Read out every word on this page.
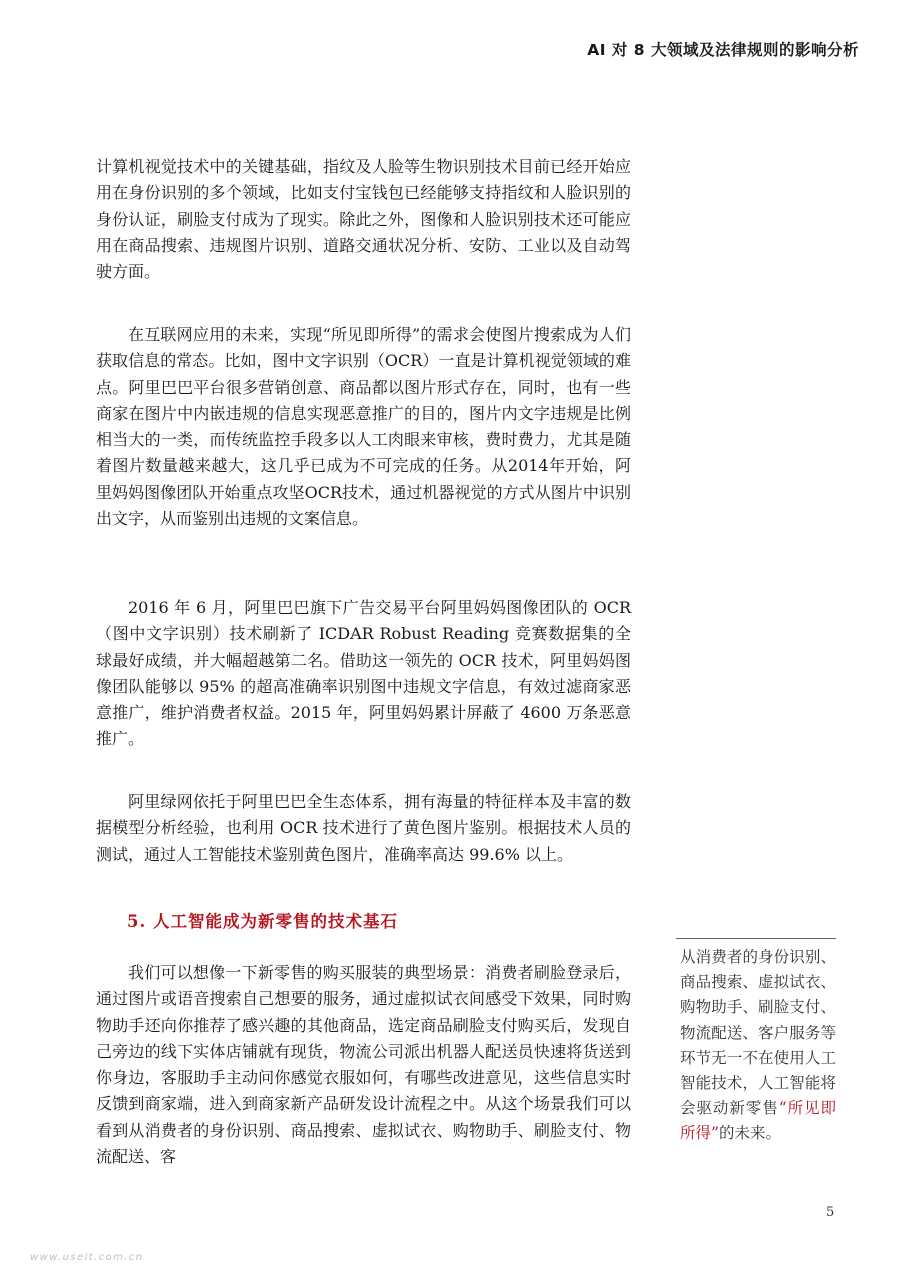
AI 对 8 大领域及法律规则的影响分析

计算机视觉技术中的关键基础，指纹及人脸等生物识别技术目前已经开始应用在身份识别的多个领域，比如支付宝钱包已经能够支持指纹和人脸识别的身份认证，刷脸支付成为了现实。除此之外，图像和人脸识别技术还可能应用在商品搜索、违规图片识别、道路交通状况分析、安防、工业以及自动驾驶方面。

在互联网应用的未来，实现“所见即所得”的需求会使图片搜索成为人们获取信息的常态。比如，图中文字识别（OCR）一直是计算机视觉领域的难点。阿里巴巴平台很多营销创意、商品都以图片形式存在，同时，也有一些商家在图片中内嵌违规的信息实现恶意推广的目的，图片内文字违规是比例相当大的一类，而传统监控手段多以人工肉眼来审核，费时费力，尤其是随着图片数量越来越大，这几乎已成为不可完成的任务。从2014年开始，阿里妈妈图像团队开始重点攻坚OCR技术，通过机器视觉的方式从图片中识别出文字，从而鉴别出违规的文案信息。

2016 年 6 月，阿里巴巴旗下广告交易平台阿里妈妈图像团队的 OCR（图中文字识别）技术刷新了 ICDAR Robust Reading 竞赛数据集的全球最好成绩，并大幅超越第二名。借助这一领先的 OCR 技术，阿里妈妈图像团队能够以 95% 的超高准确率识别图中违规文字信息，有效过滤商家恶意推广，维护消费者权益。2015 年，阿里妈妈累计屏蔽了 4600 万条恶意推广。

阿里绿网依托于阿里巴巴全生态体系，拥有海量的特征样本及丰富的数据模型分析经验，也利用 OCR 技术进行了黄色图片鉴别。根据技术人员的测试，通过人工智能技术鉴别黄色图片，准确率高达 99.6% 以上。

5. 人工智能成为新零售的技术基石

我们可以想像一下新零售的购买服装的典型场景：消费者刷脸登录后，通过图片或语音搜索自己想要的服务，通过虚拟试衣间感受下效果，同时购物助手还向你推荐了感兴趣的其他商品，选定商品刷脸支付购买后，发现自己旁边的线下实体店铺就有现货，物流公司派出机器人配送员快速将货送到你身边，客服助手主动问你感觉衣服如何，有哪些改进意见，这些信息实时反馈到商家端，进入到商家新产品研发设计流程之中。从这个场景我们可以看到从消费者的身份识别、商品搜索、虚拟试衣、购物助手、刷脸支付、物流配送、客

从消费者的身份识别、商品搜索、虚拟试衣、购物助手、刷脸支付、物流配送、客户服务等环节无一不在使用人工智能技术，人工智能将会驱动新零售“所见即所得”的未来。

5
www.useit.com.cn
